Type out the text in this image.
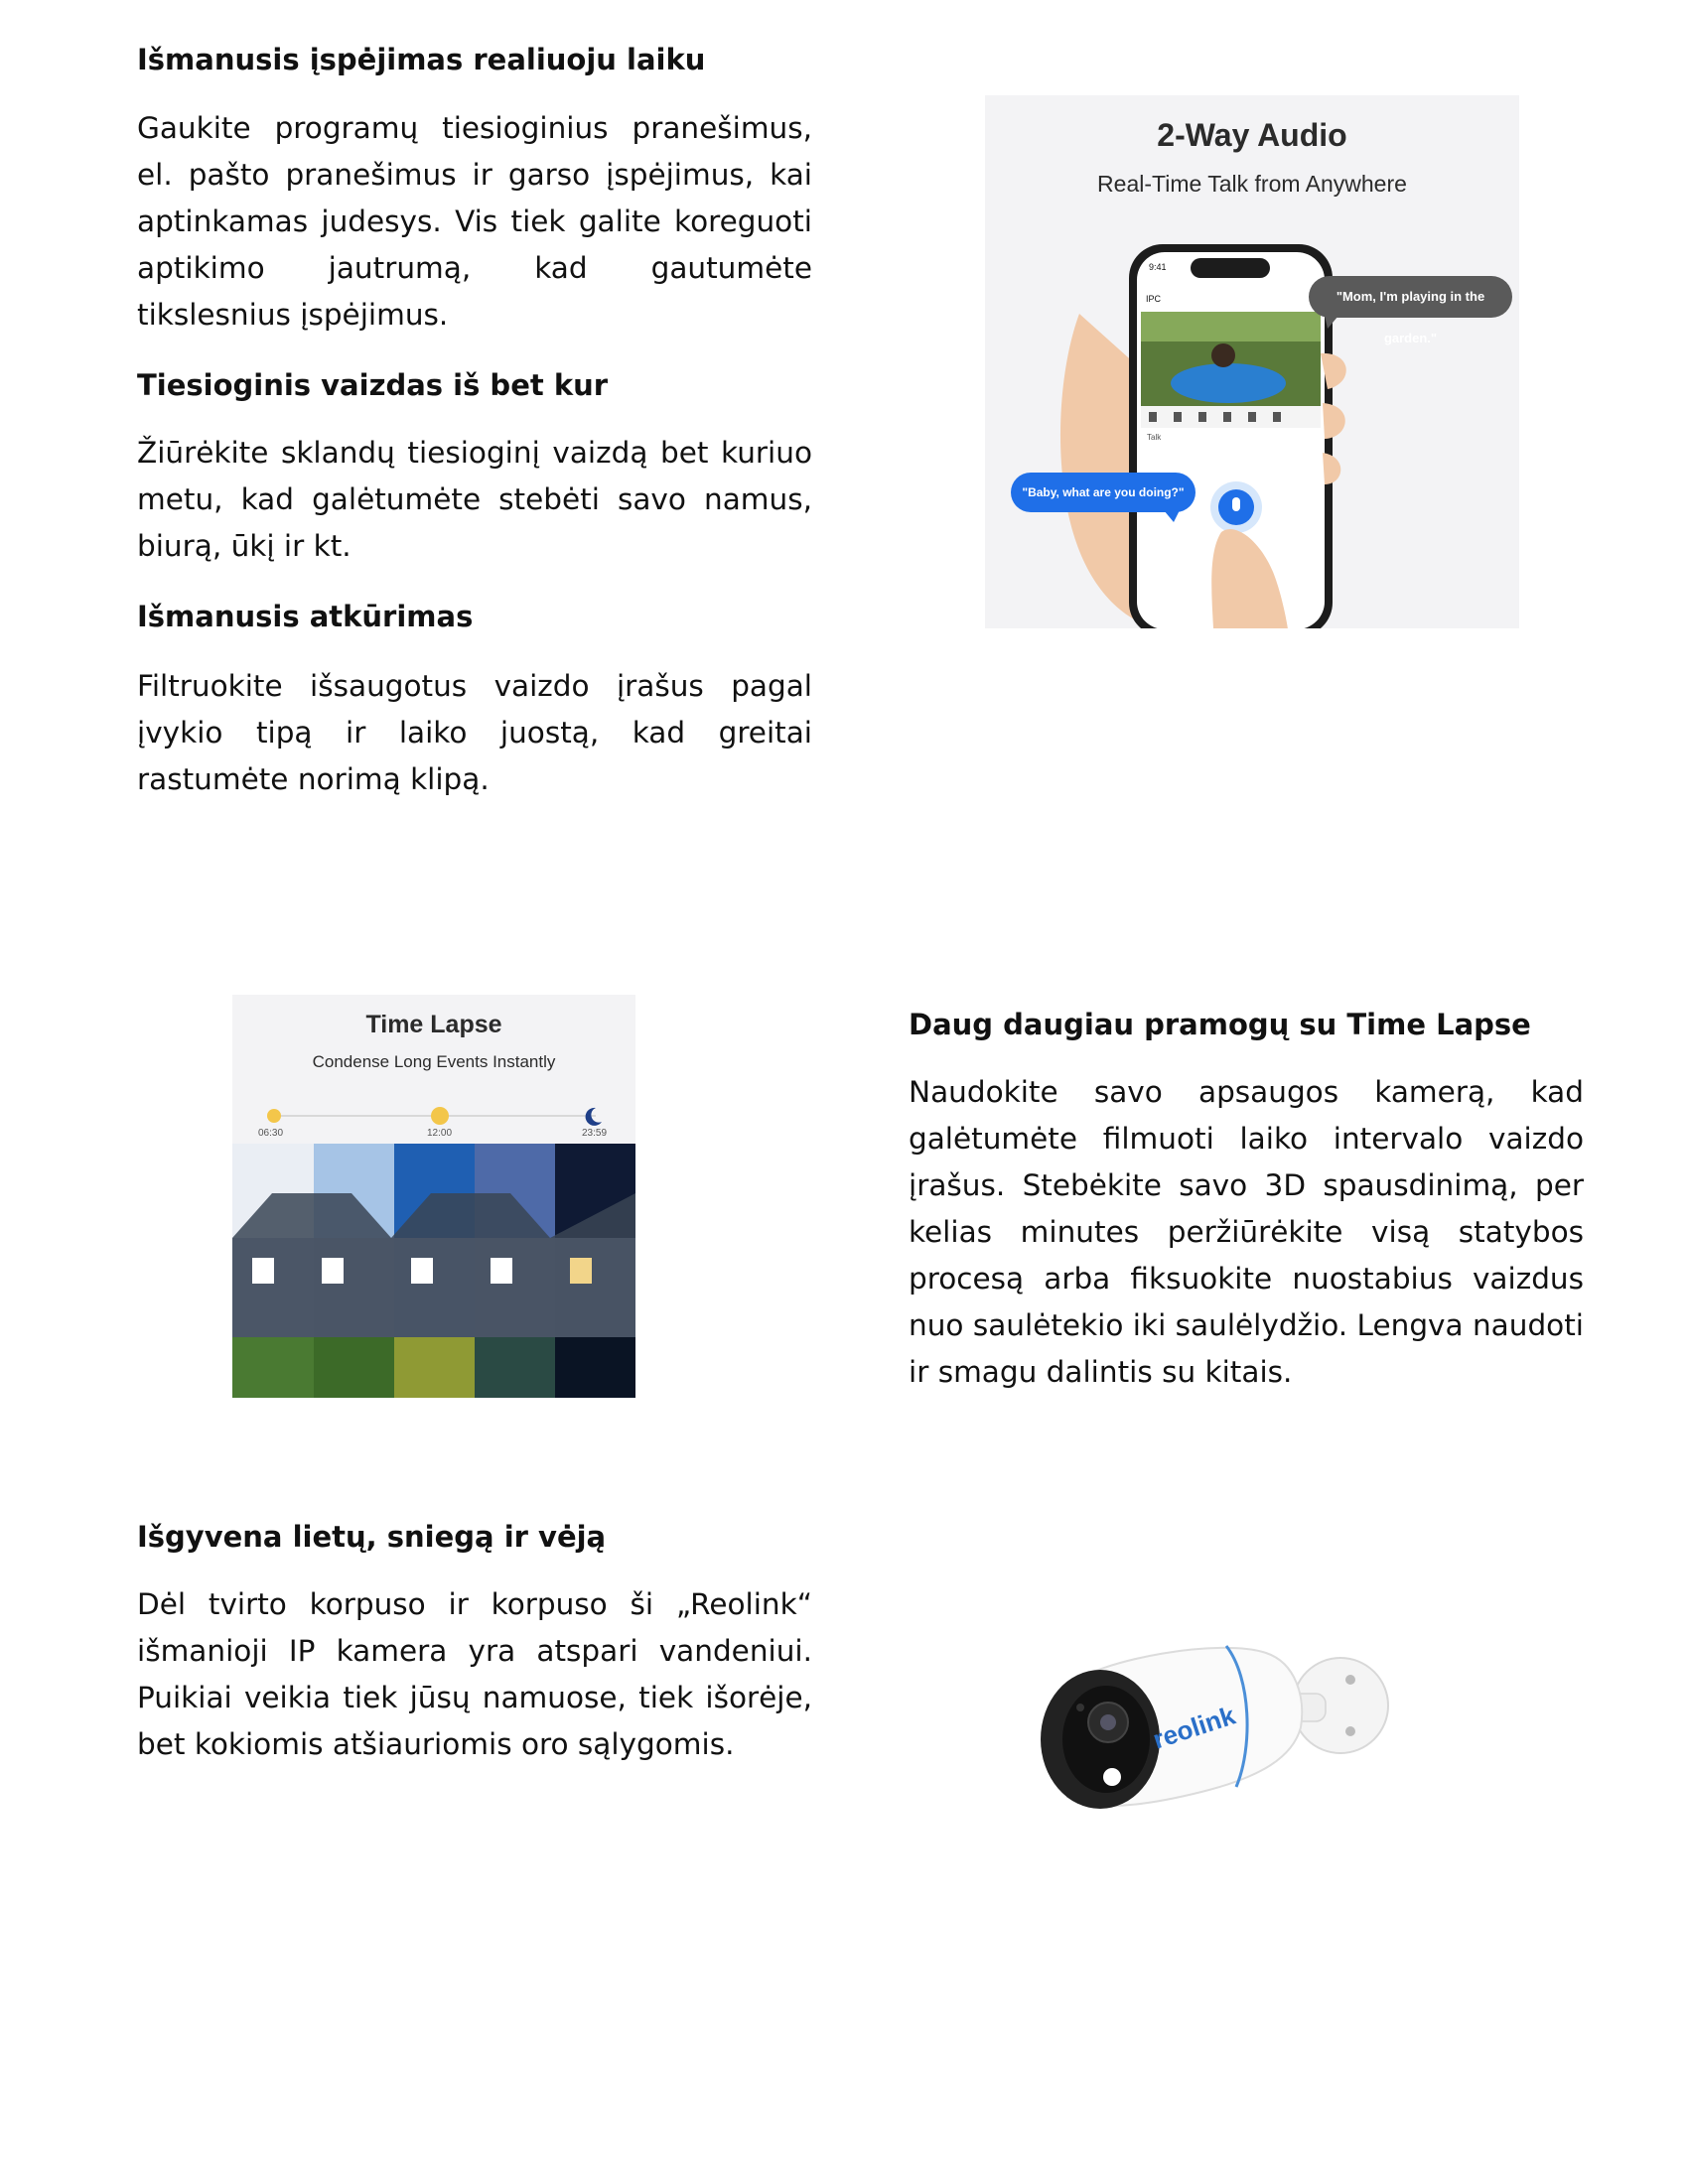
Išmanusis įspėjimas realiuoju laiku

Gaukite programų tiesioginius pranešimus, el. pašto pranešimus ir garso įspėjimus, kai aptinkamas judesys. Vis tiek galite koreguoti aptikimo jautrumą, kad gautumėte tikslesnius įspėjimus.

Tiesioginis vaizdas iš bet kur

Žiūrėkite sklandų tiesioginį vaizdą bet kuriuo metu, kad galėtumėte stebėti savo namus, biurą, ūkį ir kt.

Išmanusis atkūrimas

Filtruokite išsaugotus vaizdo įrašus pagal įvykio tipą ir laiko juostą, kad greitai rastumėte norimą klipą.

2-Way Audio
Real-Time Talk from Anywhere
"Mom, I'm playing in the garden."
"Baby, what are you doing?"
9:41
IPC
Talk
Time Lapse
Condense Long Events Instantly
06:30	12:00	23:59
Daug daugiau pramogų su Time Lapse

Naudokite savo apsaugos kamerą, kad galėtumėte filmuoti laiko intervalo vaizdo įrašus. Stebėkite savo 3D spausdinimą, per kelias minutes peržiūrėkite visą statybos procesą arba fiksuokite nuostabius vaizdus nuo saulėtekio iki saulėlydžio. Lengva naudoti ir smagu dalintis su kitais.

Išgyvena lietų, sniegą ir vėją

Dėl tvirto korpuso ir korpuso ši „Reolink“ išmanioji IP kamera yra atspari vandeniui. Puikiai veikia tiek jūsų namuose, tiek išorėje, bet kokiomis atšiauriomis oro sąlygomis.	reolink
